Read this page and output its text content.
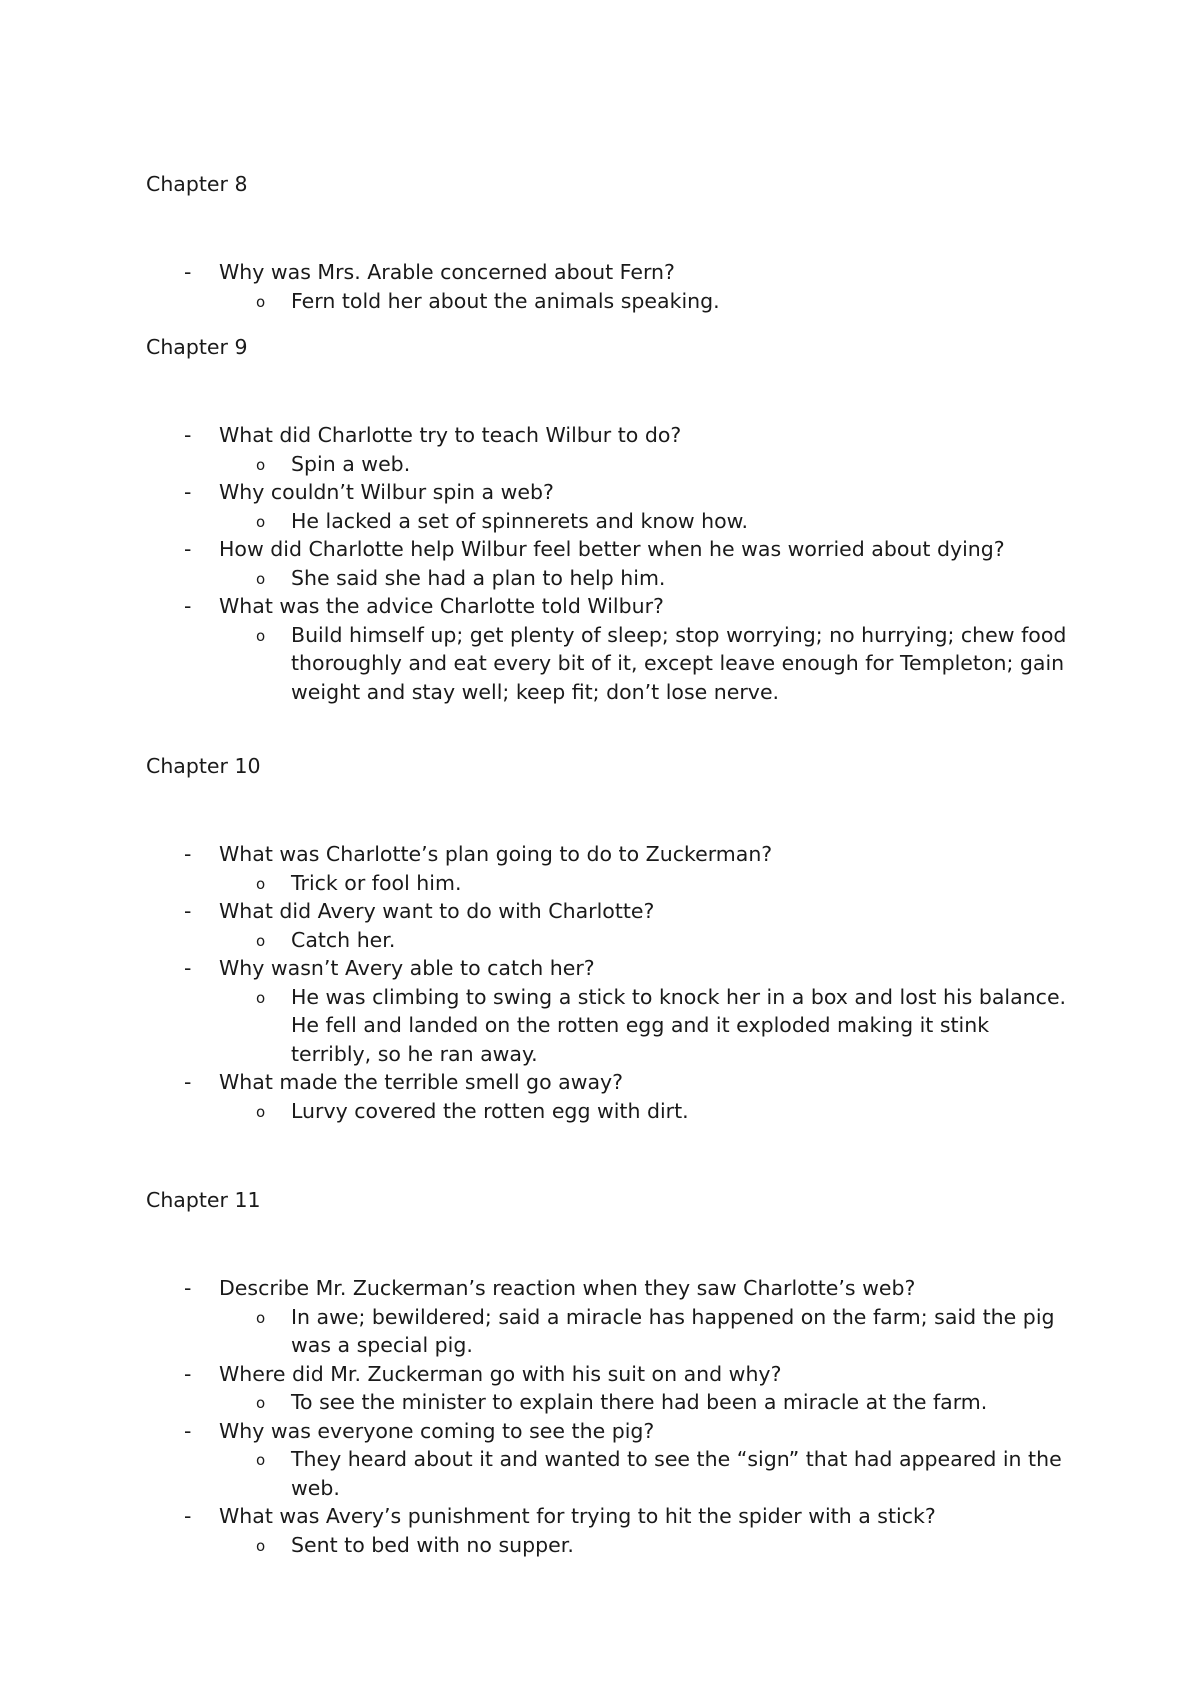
Chapter 8
- Why was Mrs. Arable concerned about Fern?
o Fern told her about the animals speaking.
Chapter 9
- What did Charlotte try to teach Wilbur to do?
o Spin a web.
- Why couldn’t Wilbur spin a web?
o He lacked a set of spinnerets and know how.
- How did Charlotte help Wilbur feel better when he was worried about dying?
o She said she had a plan to help him.
- What was the advice Charlotte told Wilbur?
o Build himself up; get plenty of sleep; stop worrying; no hurrying; chew food thoroughly and eat every bit of it, except leave enough for Templeton; gain weight and stay well; keep fit; don’t lose nerve.
Chapter 10
- What was Charlotte’s plan going to do to Zuckerman?
o Trick or fool him.
- What did Avery want to do with Charlotte?
o Catch her.
- Why wasn’t Avery able to catch her?
o He was climbing to swing a stick to knock her in a box and lost his balance. He fell and landed on the rotten egg and it exploded making it stink terribly, so he ran away.
- What made the terrible smell go away?
o Lurvy covered the rotten egg with dirt.
Chapter 11
- Describe Mr. Zuckerman’s reaction when they saw Charlotte’s web?
o In awe; bewildered; said a miracle has happened on the farm; said the pig was a special pig.
- Where did Mr. Zuckerman go with his suit on and why?
o To see the minister to explain there had been a miracle at the farm.
- Why was everyone coming to see the pig?
o They heard about it and wanted to see the “sign” that had appeared in the web.
- What was Avery’s punishment for trying to hit the spider with a stick?
o Sent to bed with no supper.
